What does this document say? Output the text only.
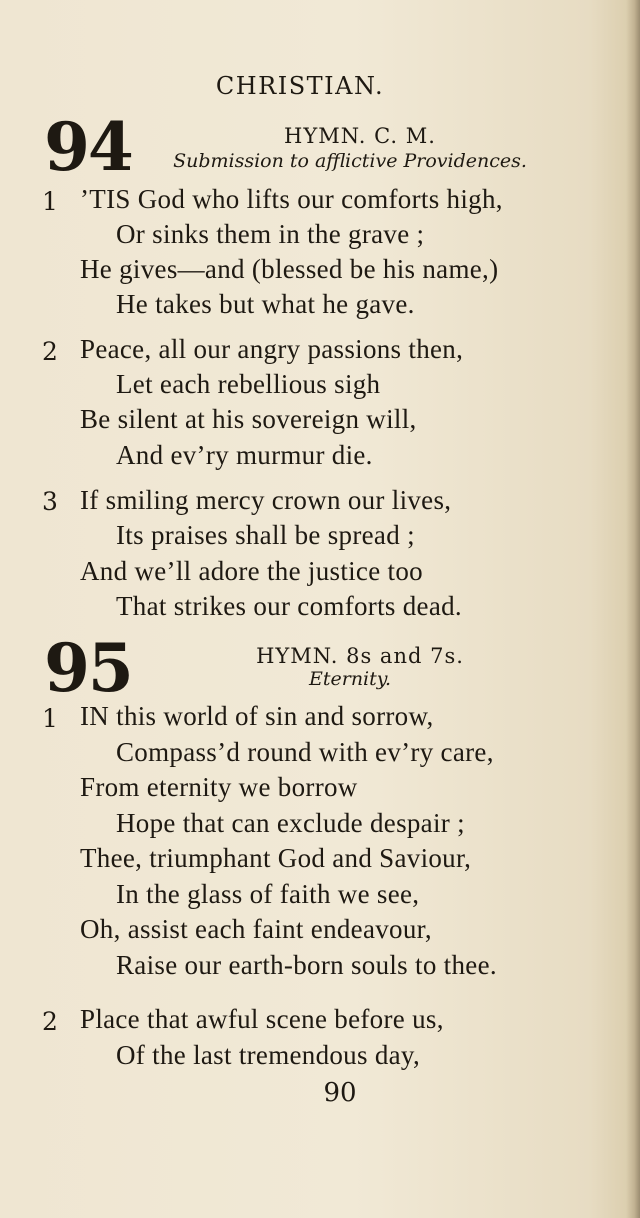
CHRISTIAN.
94	HYMN. C. M.
Submission to afflictive Providences.
1 ’TIS God who lifts our comforts high,
Or sinks them in the grave ;
He gives—and (blessed be his name,)
He takes but what he gave.
2 Peace, all our angry passions then,
Let each rebellious sigh
Be silent at his sovereign will,
And ev’ry murmur die.
3 If smiling mercy crown our lives,
Its praises shall be spread ;
And we’ll adore the justice too
That strikes our comforts dead.
95	HYMN. 8s and 7s.
Eternity.
1 IN this world of sin and sorrow,
Compass’d round with ev’ry care,
From eternity we borrow
Hope that can exclude despair ;
Thee, triumphant God and Saviour,
In the glass of faith we see,
Oh, assist each faint endeavour,
Raise our earth-born souls to thee.
2 Place that awful scene before us,
Of the last tremendous day,
90
